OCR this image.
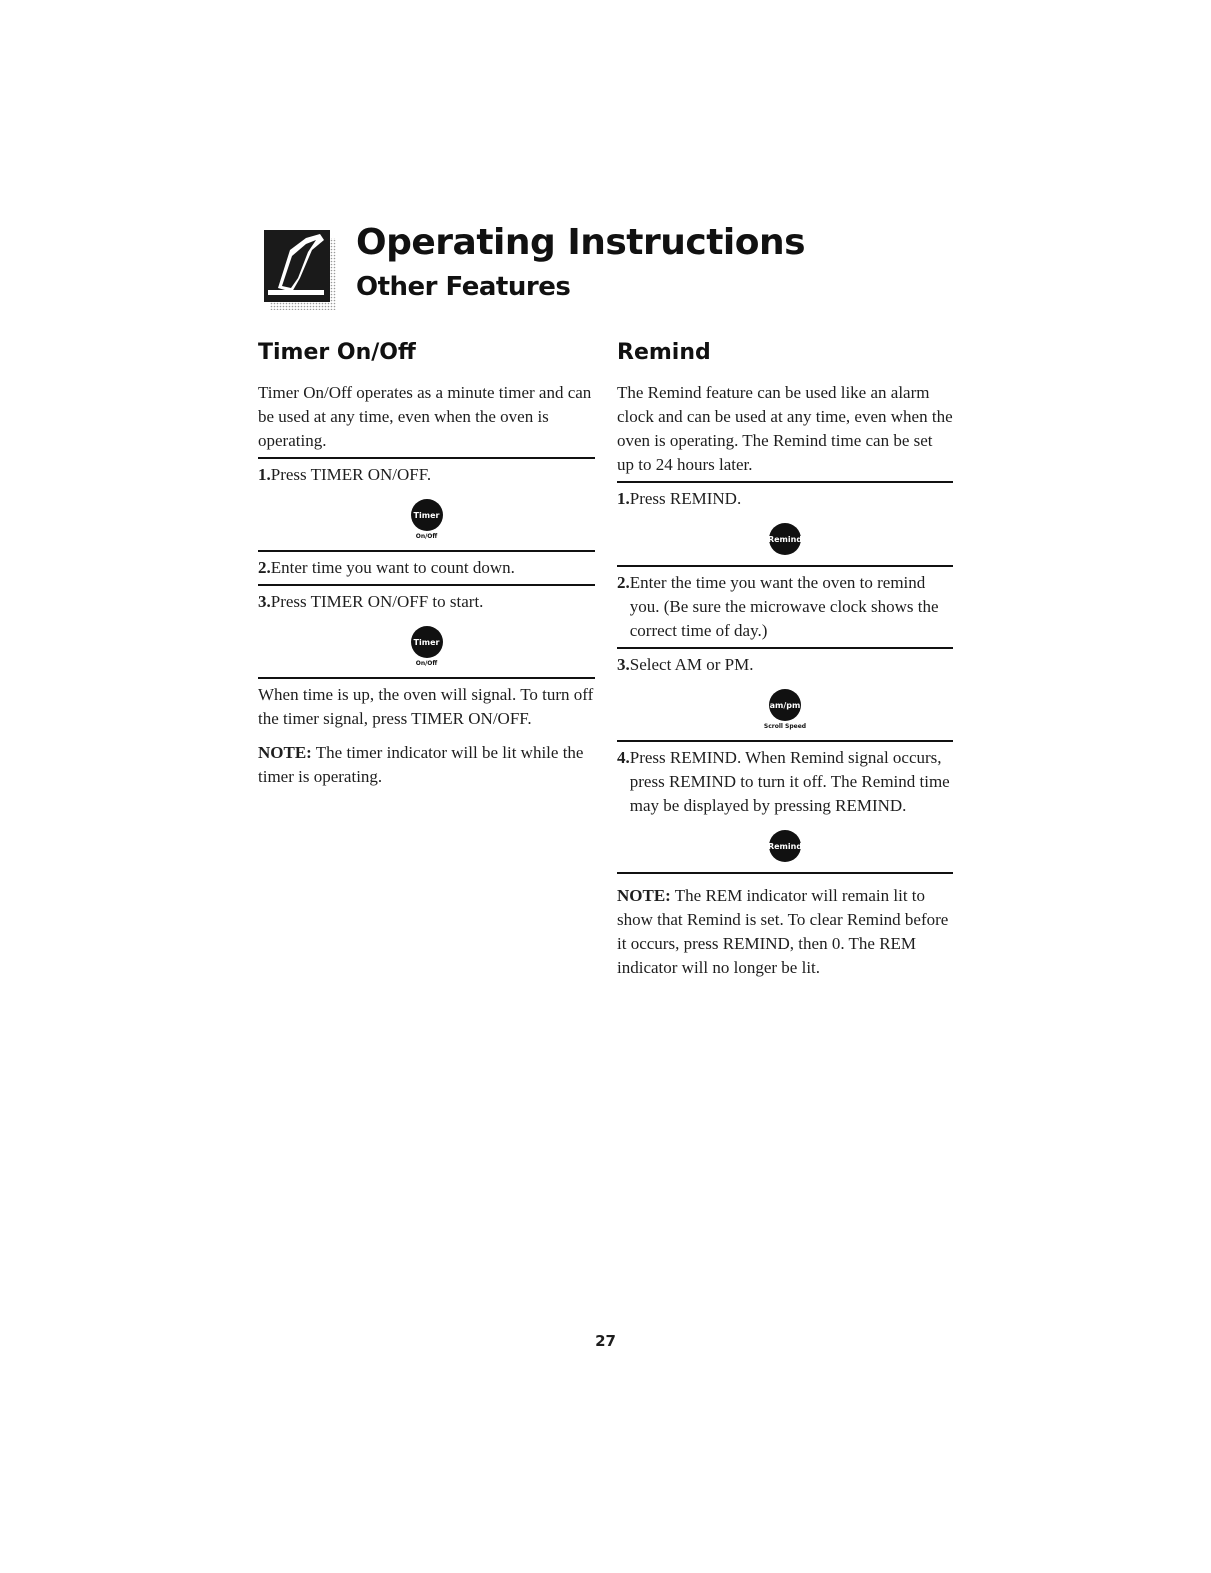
Operating Instructions
Other Features
Timer On/Off

Timer On/Off operates as a minute timer and can be used at any time, even when the oven is operating.

1. Press TIMER ON/OFF.

Timer
On/Off

2. Enter time you want to count down.

3. Press TIMER ON/OFF to start.

Timer
On/Off

When time is up, the oven will signal. To turn off the timer signal, press TIMER ON/OFF.

NOTE: The timer indicator will be lit while the timer is operating.

Remind

The Remind feature can be used like an alarm clock and can be used at any time, even when the oven is operating. The Remind time can be set up to 24 hours later.

1. Press REMIND.

Remind

2. Enter the time you want the oven to remind you. (Be sure the microwave clock shows the correct time of day.)

3. Select AM or PM.

am/pm
Scroll Speed

4. Press REMIND. When Remind signal occurs, press REMIND to turn it off. The Remind time may be displayed by pressing REMIND.

Remind

NOTE: The REM indicator will remain lit to show that Remind is set. To clear Remind before it occurs, press REMIND, then 0. The REM indicator will no longer be lit.

27
